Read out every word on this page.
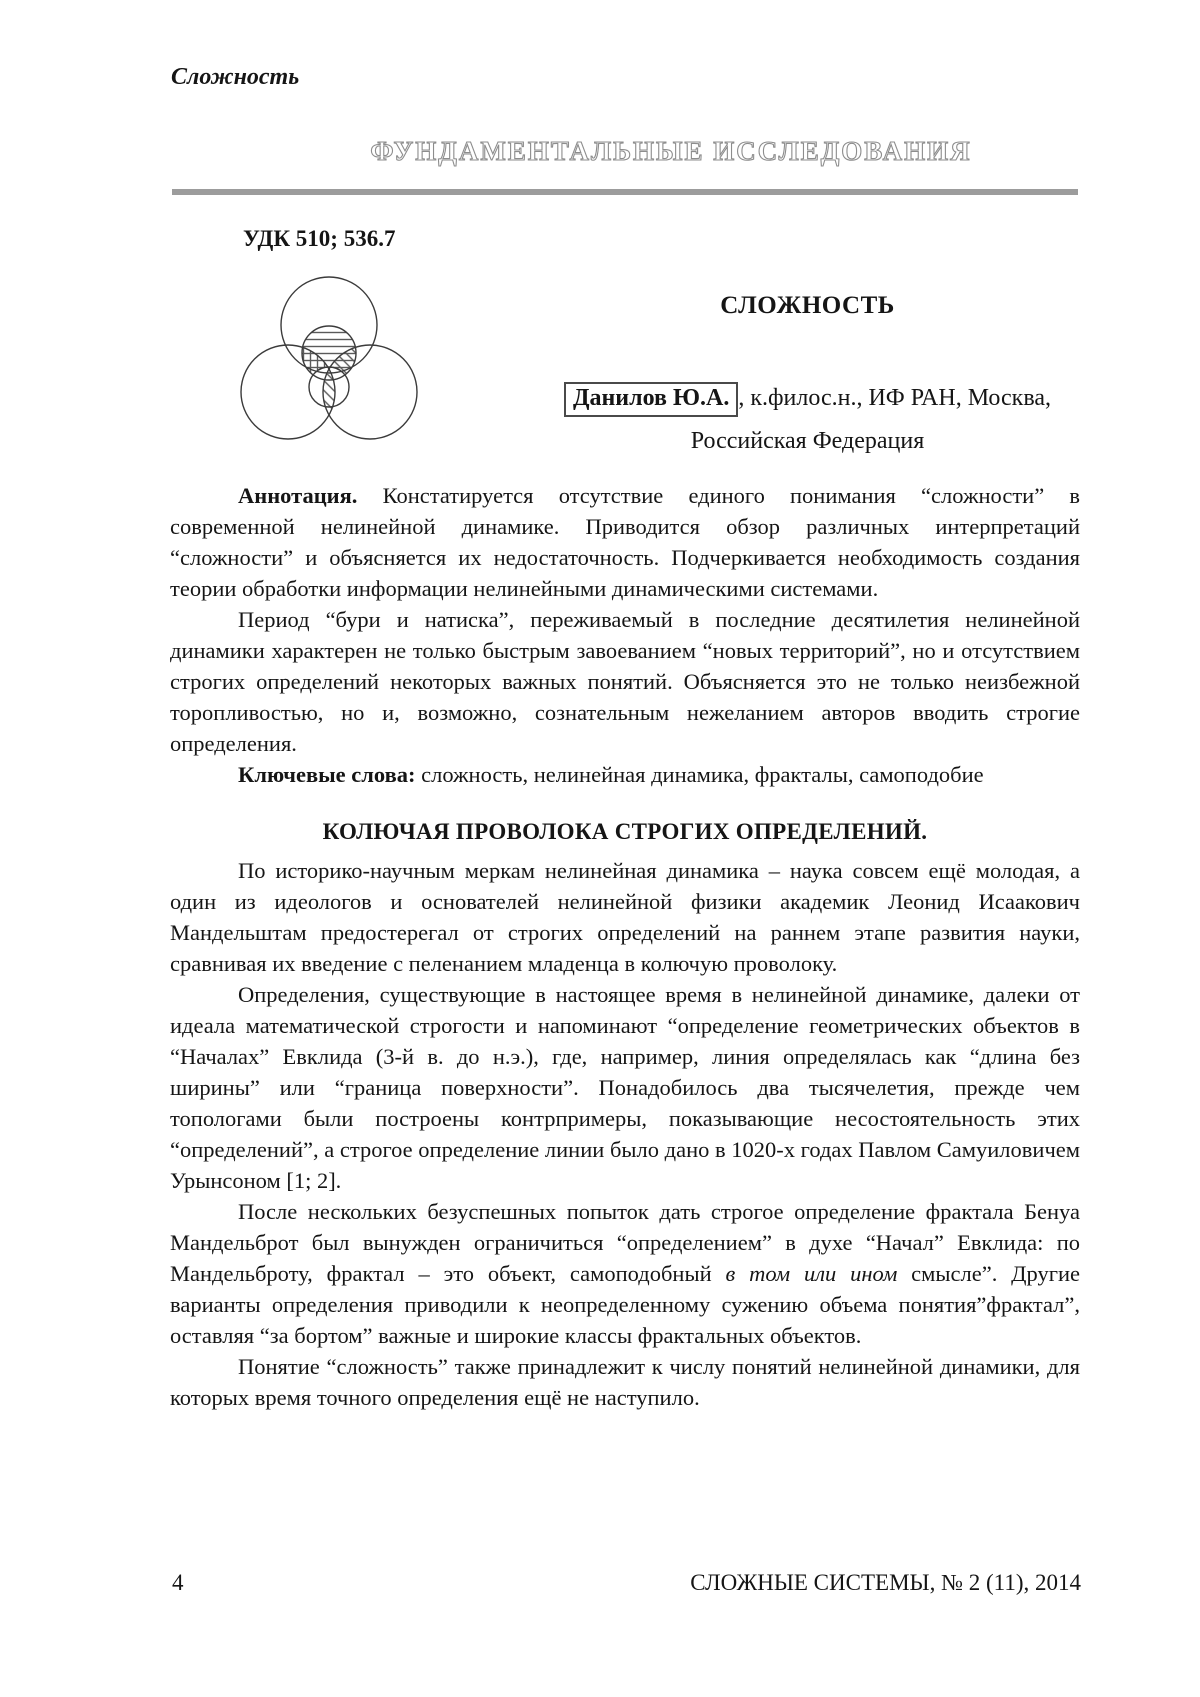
Сложность
ФУНДАМЕНТАЛЬНЫЕ ИССЛЕДОВАНИЯ
УДК 510; 536.7
СЛОЖНОСТЬ
Данилов Ю.А. , к.филос.н., ИФ РАН, Москва,
Российская Федерация

Аннотация. Констатируется отсутствие единого понимания “сложности” в современной нелинейной динамике. Приводится обзор различных интерпретаций “сложности” и объясняется их недостаточность. Подчеркивается необходимость создания теории обработки информации нелинейными динамическими системами.

Период “бури и натиска”, переживаемый в последние десятилетия нелинейной динамики характерен не только быстрым завоеванием “новых территорий”, но и отсутствием строгих определений некоторых важных понятий. Объясняется это не только неизбежной торопливостью, но и, возможно, сознательным нежеланием авторов вводить строгие определения.

Ключевые слова: сложность, нелинейная динамика, фракталы, самоподобие

КОЛЮЧАЯ ПРОВОЛОКА СТРОГИХ ОПРЕДЕЛЕНИЙ.

По историко-научным меркам нелинейная динамика – наука совсем ещё молодая, а один из идеологов и основателей нелинейной физики академик Леонид Исаакович Мандельштам предостерегал от строгих определений на раннем этапе развития науки, сравнивая их введение с пеленанием младенца в колючую проволоку.

Определения, существующие в настоящее время в нелинейной динамике, далеки от идеала математической строгости и напоминают “определение геометрических объектов в “Началах” Евклида (3-й в. до н.э.), где, например, линия определялась как “длина без ширины” или “граница поверхности”. Понадобилось два тысячелетия, прежде чем топологами были построены контрпримеры, показывающие несостоятельность этих “определений”, а строгое определение линии было дано в 1020-х годах Павлом Самуиловичем Урынсоном [1; 2].

После нескольких безуспешных попыток дать строгое определение фрактала Бенуа Мандельброт был вынужден ограничиться “определением” в духе “Начал” Евклида: по Мандельброту, фрактал – это объект, самоподобный в том или ином смысле”. Другие варианты определения приводили к неопределенному сужению объема понятия”фрактал”, оставляя “за бортом” важные и широкие классы фрактальных объектов.

Понятие “сложность” также принадлежит к числу понятий нелинейной динамики, для которых время точного определения ещё не наступило.

4	СЛОЖНЫЕ СИСТЕМЫ, № 2 (11), 2014
